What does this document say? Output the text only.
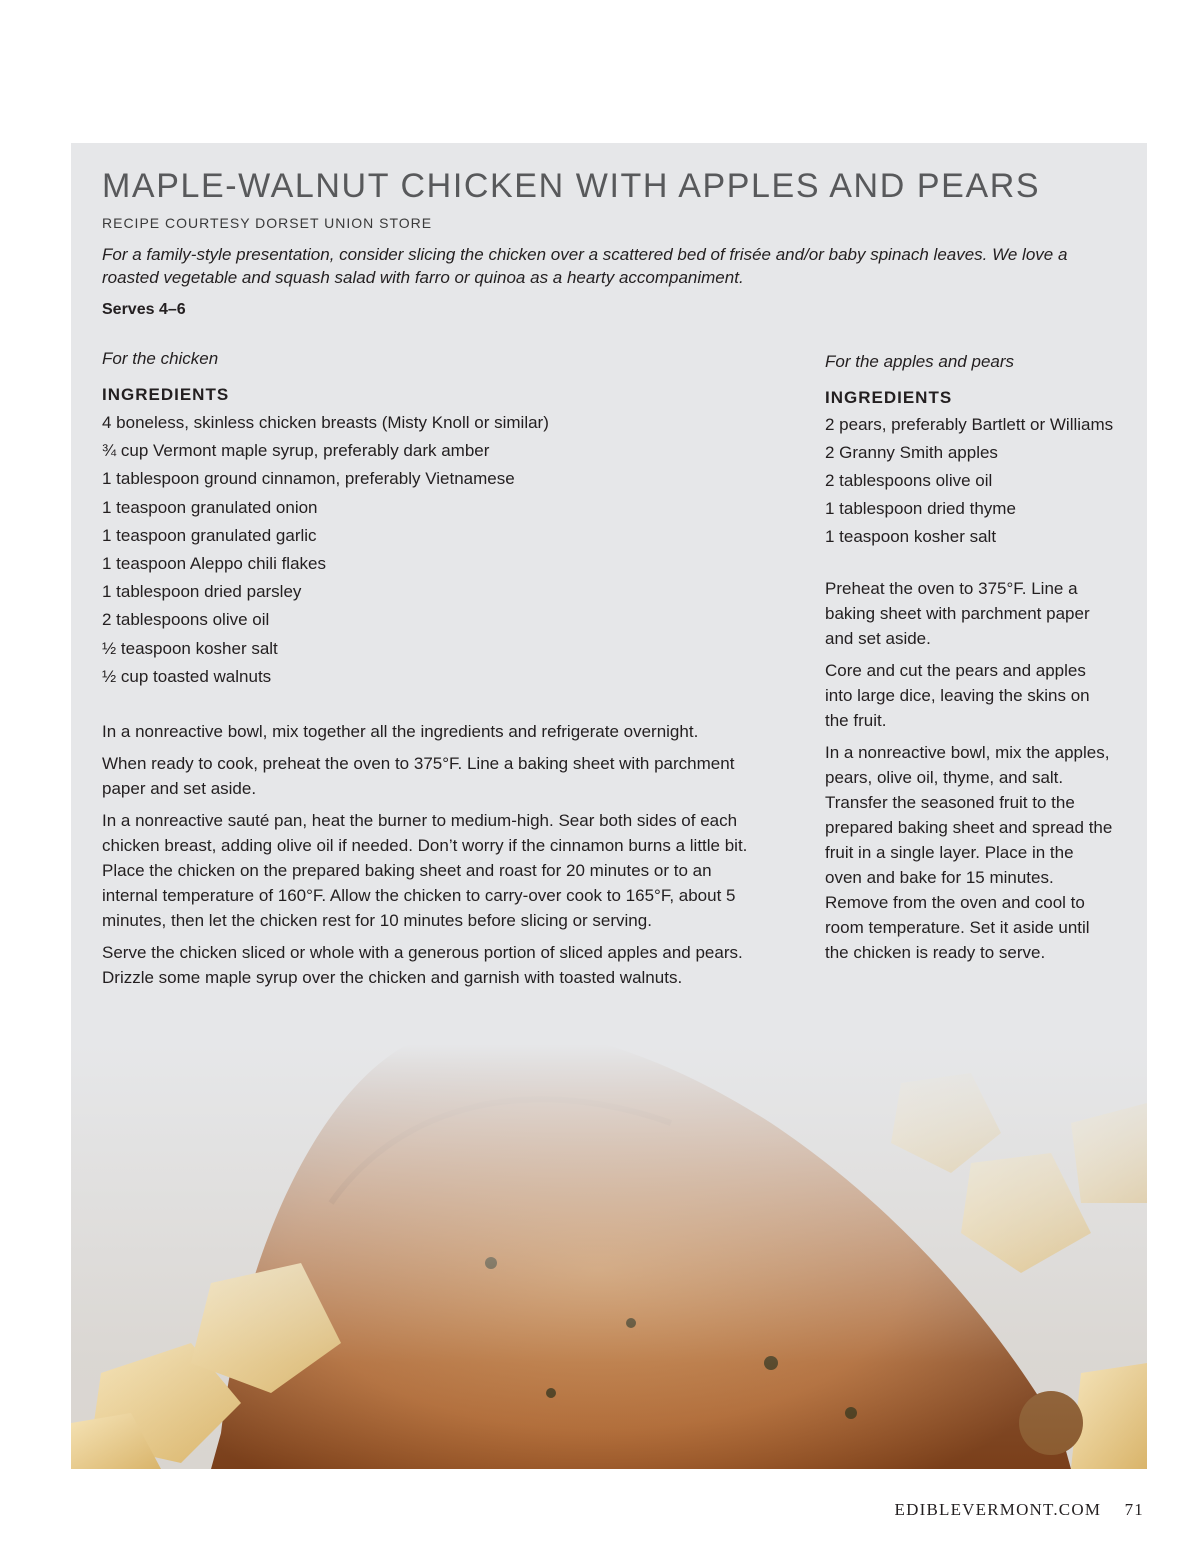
MAPLE-WALNUT CHICKEN WITH APPLES AND PEARS
RECIPE COURTESY DORSET UNION STORE
For a family-style presentation, consider slicing the chicken over a scattered bed of frisée and/or baby spinach leaves. We love a roasted vegetable and squash salad with farro or quinoa as a hearty accompaniment.
Serves 4–6
For the chicken
INGREDIENTS
4 boneless, skinless chicken breasts (Misty Knoll or similar)
¾ cup Vermont maple syrup, preferably dark amber
1 tablespoon ground cinnamon, preferably Vietnamese
1 teaspoon granulated onion
1 teaspoon granulated garlic
1 teaspoon Aleppo chili flakes
1 tablespoon dried parsley
2 tablespoons olive oil
½ teaspoon kosher salt
½ cup toasted walnuts

In a nonreactive bowl, mix together all the ingredients and refrigerate overnight.

When ready to cook, preheat the oven to 375°F. Line a baking sheet with parchment paper and set aside.

In a nonreactive sauté pan, heat the burner to medium-high. Sear both sides of each chicken breast, adding olive oil if needed. Don’t worry if the cinnamon burns a little bit. Place the chicken on the prepared baking sheet and roast for 20 minutes or to an internal temperature of 160°F. Allow the chicken to carry-over cook to 165°F, about 5 minutes, then let the chicken rest for 10 minutes before slicing or serving.

Serve the chicken sliced or whole with a generous portion of sliced apples and pears. Drizzle some maple syrup over the chicken and garnish with toasted walnuts.

For the apples and pears
INGREDIENTS
2 pears, preferably Bartlett or Williams
2 Granny Smith apples
2 tablespoons olive oil
1 tablespoon dried thyme
1 teaspoon kosher salt

Preheat the oven to 375°F. Line a baking sheet with parchment paper and set aside.

Core and cut the pears and apples into large dice, leaving the skins on the fruit.

In a nonreactive bowl, mix the apples, pears, olive oil, thyme, and salt. Transfer the seasoned fruit to the prepared baking sheet and spread the fruit in a single layer. Place in the oven and bake for 15 minutes. Remove from the oven and cool to room temperature. Set it aside until the chicken is ready to serve.

EDIBLEVERMONT.COM 71
